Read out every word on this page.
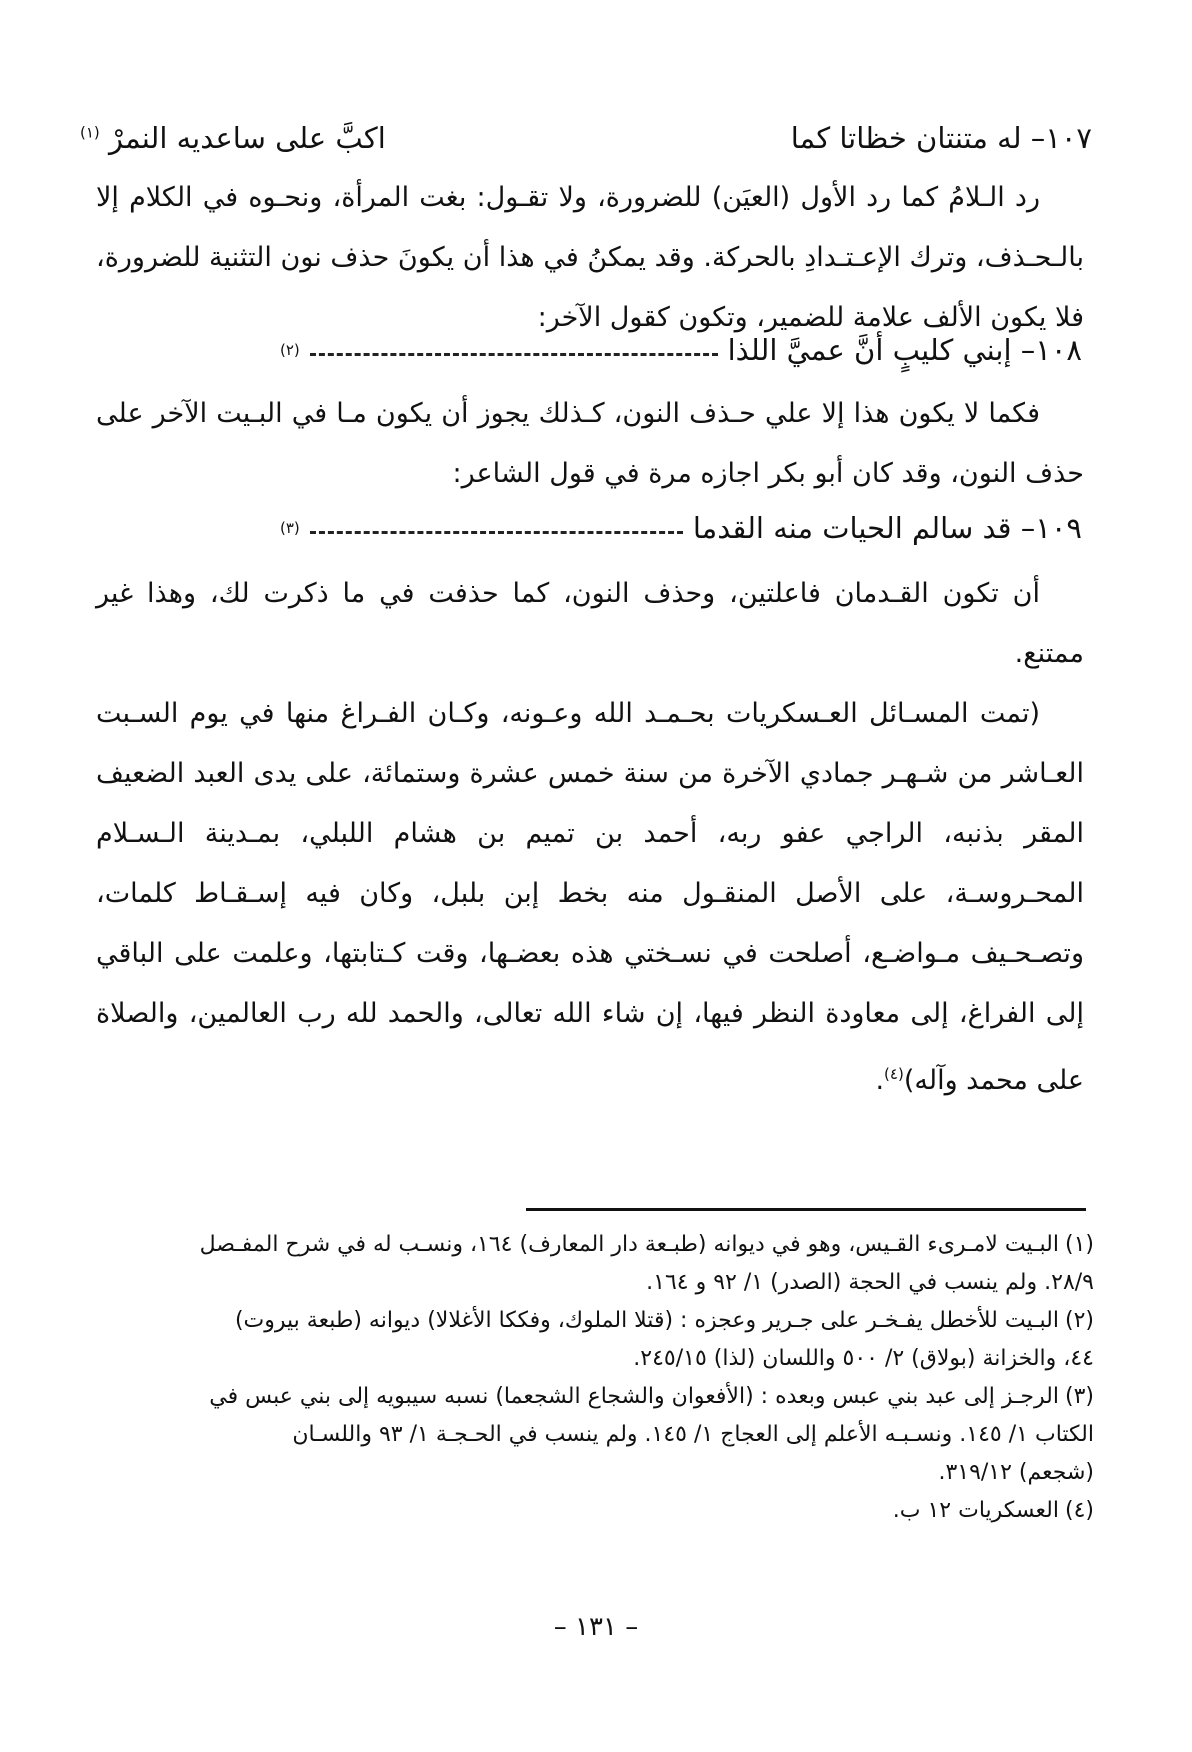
١٠٧– له متنتان خظاتا كما
اكبَّ على ساعديه النمرْ $^{(١)}$

رد الـلامُ كما رد الأول (العيَن) للضرورة، ولا تقـول: بغت المرأة، ونحـوه في الكلام إلا بالـحـذف، وترك الإعـتـدادِ بالحركة. وقد يمكنُ في هذا أن يكونَ حذف نون التثنية للضرورة، فلا يكون الألف علامة للضمير، وتكون كقول الآخر:

١٠٨– إبني كليبٍ أنَّ عميَّ اللذا
(٢)

فكما لا يكون هذا إلا علي حـذف النون، كـذلك يجوز أن يكون مـا في البـيت الآخر على حذف النون، وقد كان أبو بكر اجازه مرة في قول الشاعر:

١٠٩– قد سالم الحيات منه القدما
(٣)

أن تكون القـدمان فاعلتين، وحذف النون، كما حذفت في ما ذكرت لك، وهذا غير ممتنع.

(تمت المسـائل العـسكريات بحـمـد الله وعـونه، وكـان الفـراغ منها في يوم السـبت العـاشر من شـهـر جمادي الآخرة من سنة خمس عشرة وستمائة، على يدى العبد الضعيف المقر بذنبه، الراجي عفو ربه، أحمد بن تميم بن هشام اللبلي، بمـدينة الـسـلام المحـروسـة، على الأصل المنقـول منه بخط إبن بلبل، وكان فيه إسـقـاط كلمات، وتصـحـيف مـواضـع، أصلحت في نسـختي هذه بعضـها، وقت كـتابتها، وعلمت على الباقي إلى الفراغ، إلى معاودة النظر فيها، إن شاء الله تعالى، والحمد لله رب العالمين، والصلاة على محمد وآله)$^{(٤)}$.

(١)البـيت لامـرىء القـيس، وهو في ديوانه (طبـعة دار المعارف) ١٦٤، ونسـب له في شرح المفـصل

٢٨/٩. ولم ينسب في الحجة (الصدر) ١/ ٩٢ و ١٦٤.

(٢)البـيت للأخطل يفـخـر على جـرير وعجزه : (قتلا الملوك، وفككا الأغلالا) ديوانه (طبعة بيروت)

٤٤، والخزانة (بولاق) ٢/ ٥٠٠ واللسان (لذا) ٢٤٥/١٥.

(٣)الرجـز إلى عبد بني عبس وبعده : (الأفعوان والشجاع الشجعما) نسبه سيبويه إلى بني عبس في

الكتاب ١/ ١٤٥. ونسـبـه الأعلم إلى العجاج ١/ ١٤٥. ولم ينسب في الحـجـة ١/ ٩٣ واللسـان

(شجعم) ٣١٩/١٢.

(٤)العسكريات ١٢ ب.

– ١٣١ –
